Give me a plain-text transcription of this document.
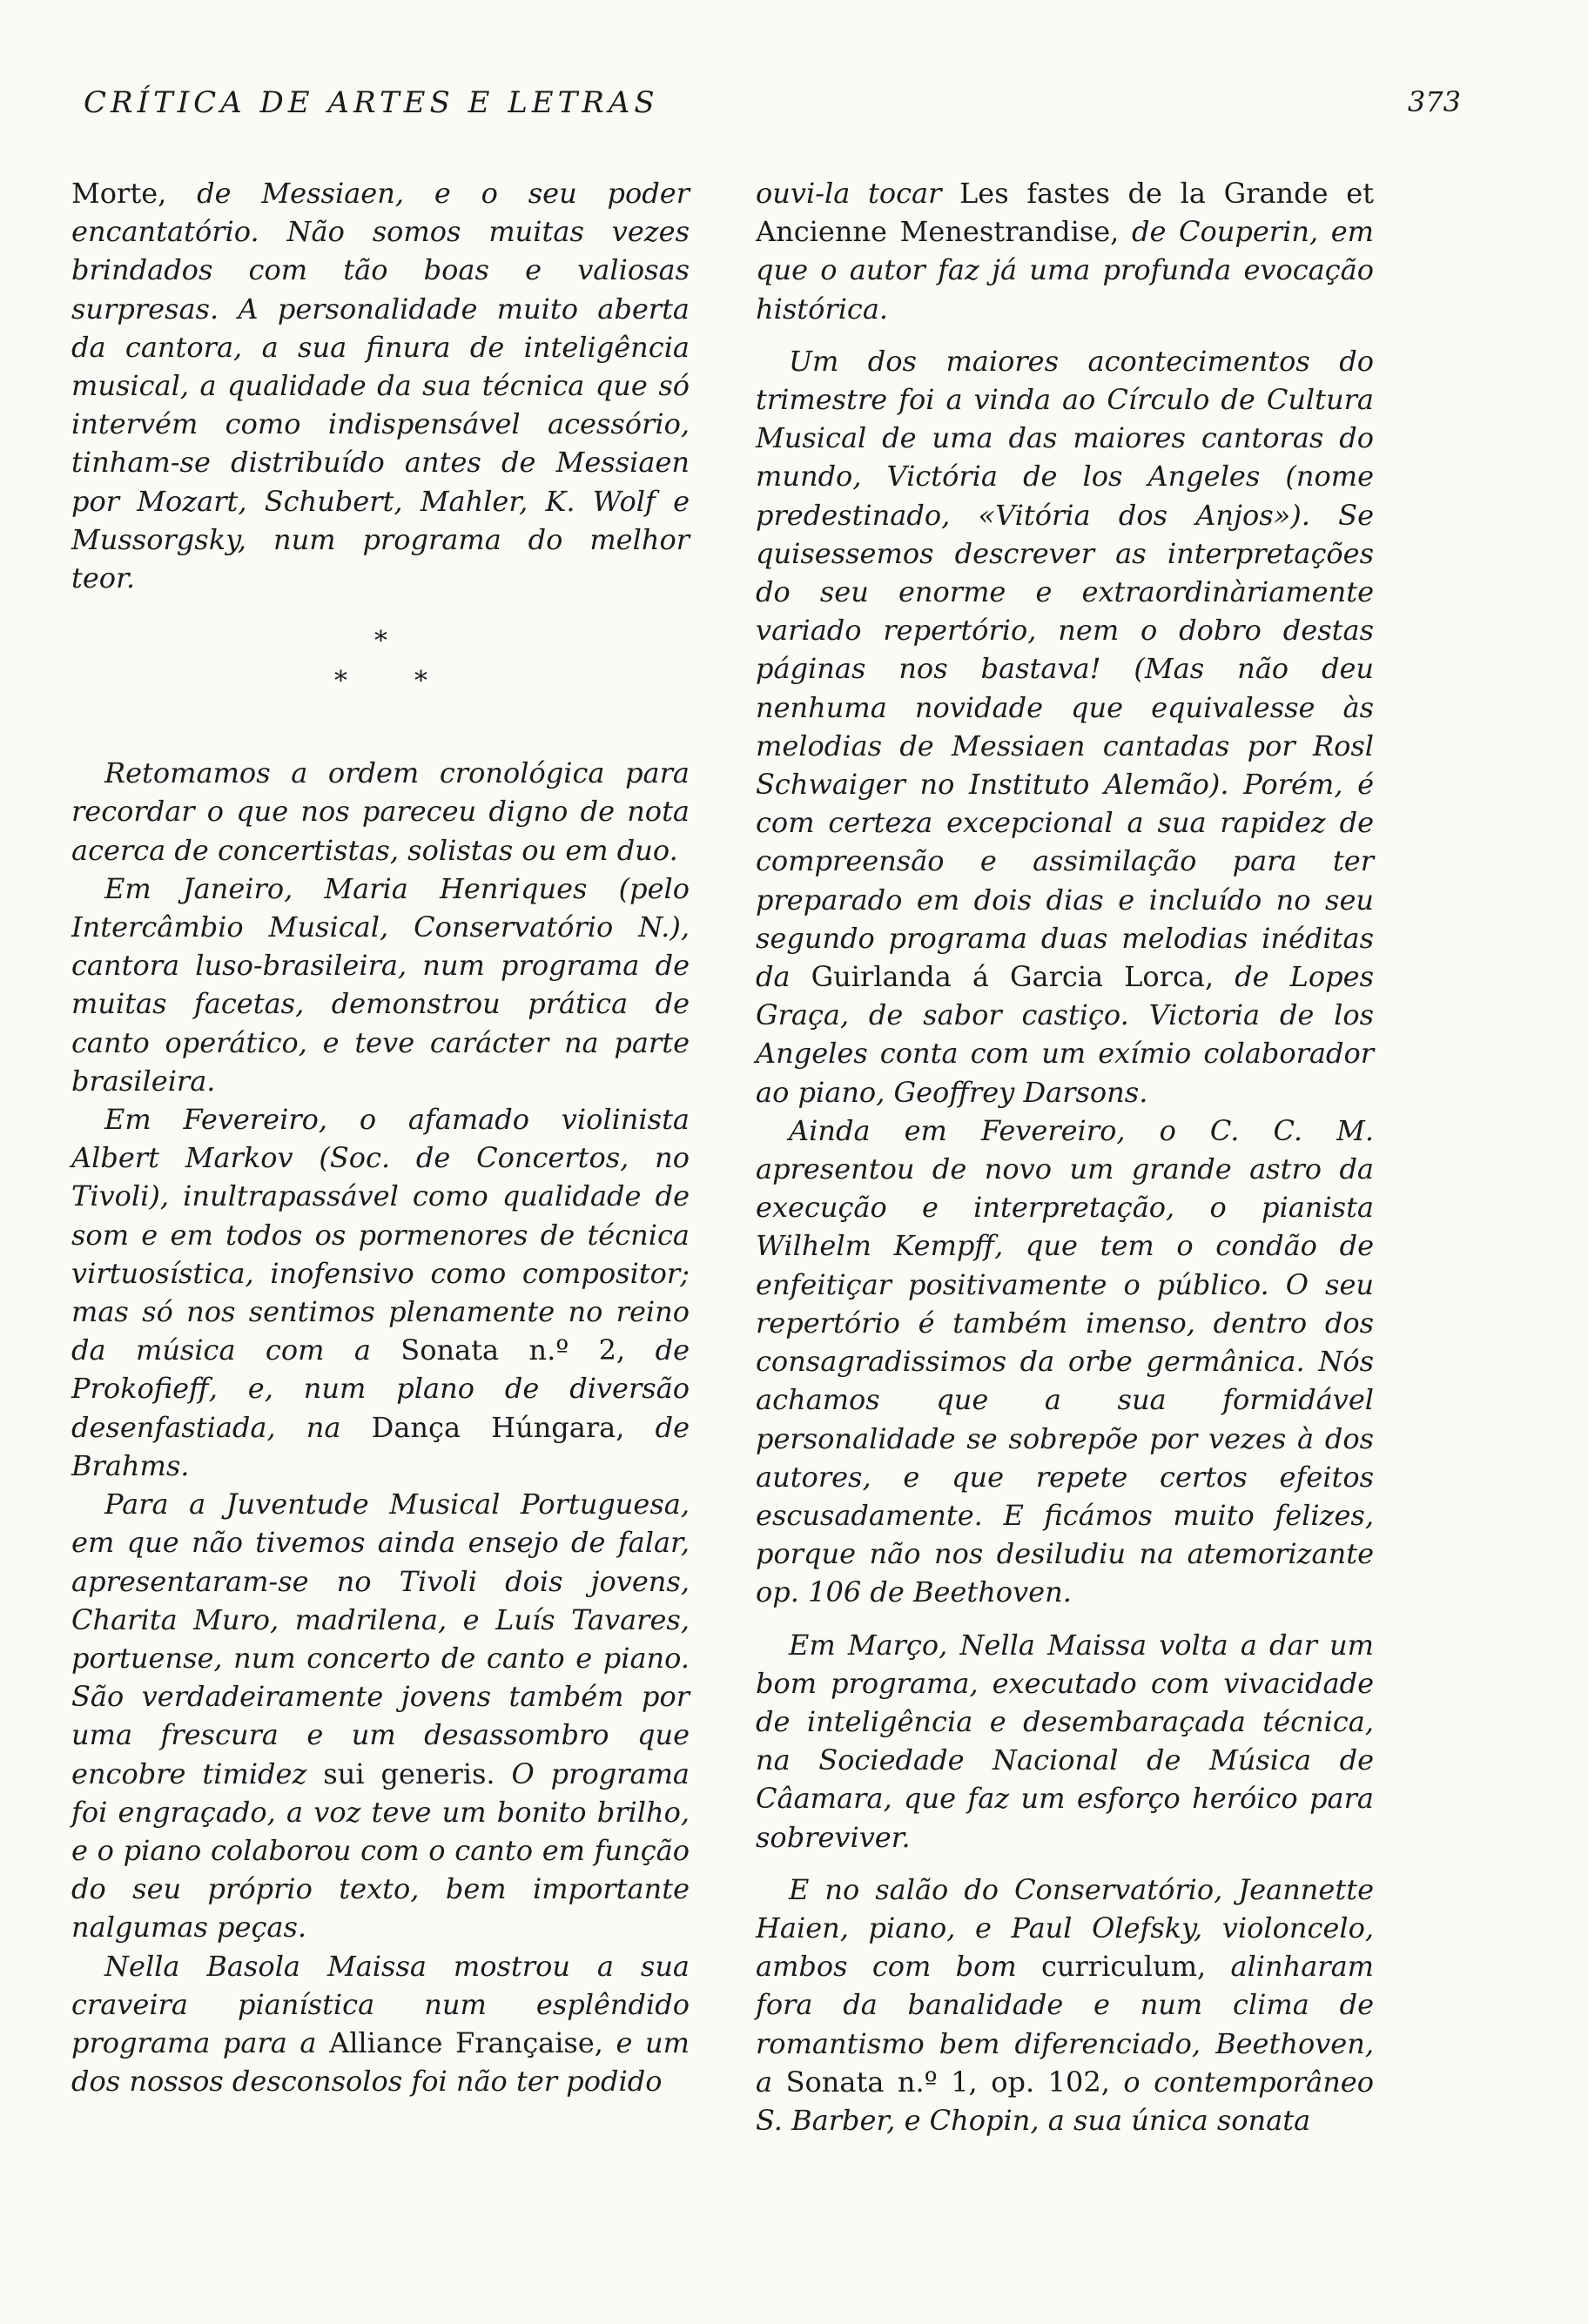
CRÍTICA DE ARTES E LETRAS	373

Morte, de Messiaen, e o seu poder encantatório. Não somos muitas vezes brindados com tão boas e valiosas surpresas. A personalidade muito aberta da cantora, a sua finura de inteligência musical, a qualidade da sua técnica que só intervém como indispensável acessório, tinham-se distribuído antes de Messiaen por Mozart, Schubert, Mahler, K. Wolf e Mussorgsky, num programa do melhor teor.

*
*	*

Retomamos a ordem cronológica para recordar o que nos pareceu digno de nota acerca de concertistas, solistas ou em duo.

Em Janeiro, Maria Henriques (pelo Intercâmbio Musical, Conservatório N.), cantora luso-brasileira, num programa de muitas facetas, demonstrou prática de canto operático, e teve carácter na parte brasileira.

Em Fevereiro, o afamado violinista Albert Markov (Soc. de Concertos, no Tivoli), inultrapassável como qualidade de som e em todos os pormenores de técnica virtuosística, inofensivo como compositor; mas só nos sentimos plenamente no reino da música com a Sonata n.º 2, de Prokofieff, e, num plano de diversão desenfastiada, na Dança Húngara, de Brahms.

Para a Juventude Musical Portuguesa, em que não tivemos ainda ensejo de falar, apresentaram-se no Tivoli dois jovens, Charita Muro, madrilena, e Luís Tavares, portuense, num concerto de canto e piano. São verdadeiramente jovens também por uma frescura e um desassombro que encobre timidez sui generis. O programa foi engraçado, a voz teve um bonito brilho, e o piano colaborou com o canto em função do seu próprio texto, bem importante nalgumas peças.

Nella Basola Maissa mostrou a sua craveira pianística num esplêndido programa para a Alliance Française, e um dos nossos desconsolos foi não ter podido

ouvi-la tocar Les fastes de la Grande et Ancienne Menestrandise, de Couperin, em que o autor faz já uma profunda evocação histórica.

Um dos maiores acontecimentos do trimestre foi a vinda ao Círculo de Cultura Musical de uma das maiores cantoras do mundo, Victória de los Angeles (nome predestinado, «Vitória dos Anjos»). Se quisessemos descrever as interpretações do seu enorme e extraordinàriamente variado repertório, nem o dobro destas páginas nos bastava! (Mas não deu nenhuma novidade que equivalesse às melodias de Messiaen cantadas por Rosl Schwaiger no Instituto Alemão). Porém, é com certeza excepcional a sua rapidez de compreensão e assimilação para ter preparado em dois dias e incluído no seu segundo programa duas melodias inéditas da Guirlanda á Garcia Lorca, de Lopes Graça, de sabor castiço. Victoria de los Angeles conta com um exímio colaborador ao piano, Geoffrey Darsons.

Ainda em Fevereiro, o C. C. M. apresentou de novo um grande astro da execução e interpretação, o pianista Wilhelm Kempff, que tem o condão de enfeitiçar positivamente o público. O seu repertório é também imenso, dentro dos consagradissimos da orbe germânica. Nós achamos que a sua formidável personalidade se sobrepõe por vezes à dos autores, e que repete certos efeitos escusadamente. E ficámos muito felizes, porque não nos desiludiu na atemorizante op. 106 de Beethoven.

Em Março, Nella Maissa volta a dar um bom programa, executado com vivacidade de inteligência e desembaraçada técnica, na Sociedade Nacional de Música de Câamara, que faz um esforço heróico para sobreviver.

E no salão do Conservatório, Jeannette Haien, piano, e Paul Olefsky, violoncelo, ambos com bom curriculum, alinharam fora da banalidade e num clima de romantismo bem diferenciado, Beethoven, a Sonata n.º 1, op. 102, o contemporâneo S. Barber, e Chopin, a sua única sonata
